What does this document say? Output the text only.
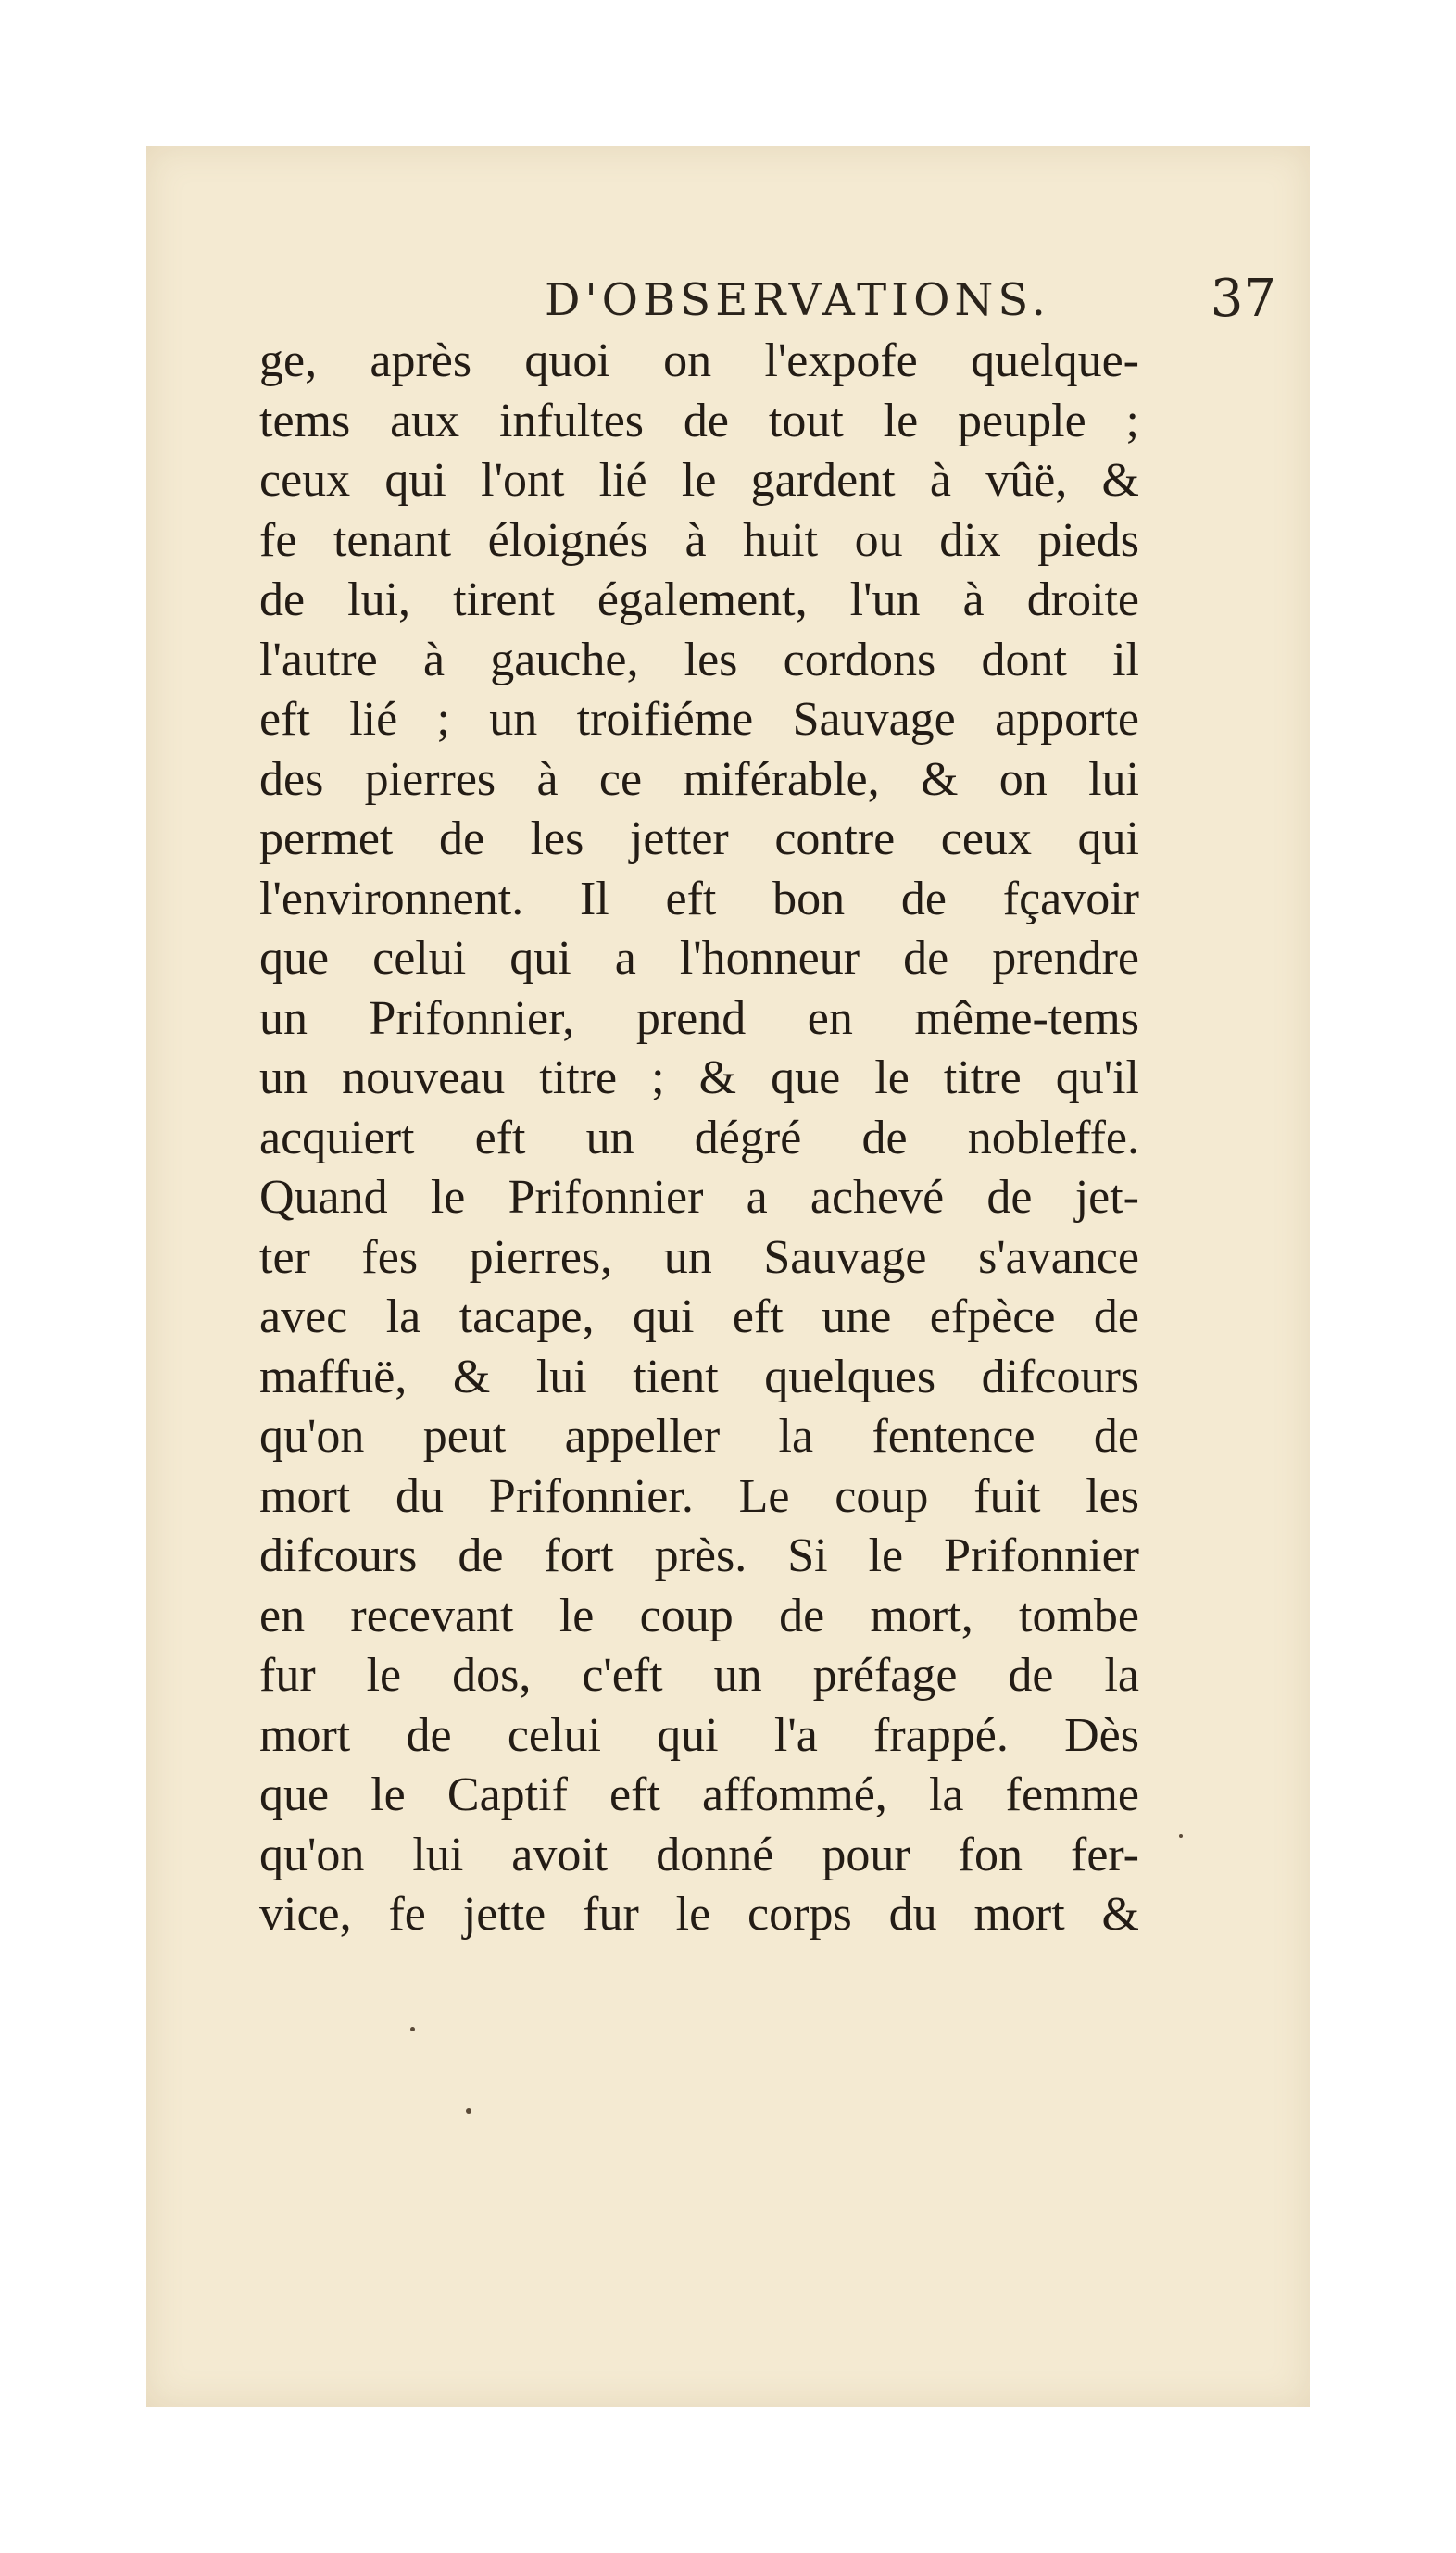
D'OBSERVATIONS.	37
ge, après quoi on l'expofe quelque-
tems aux infultes de tout le peuple ;
ceux qui l'ont lié le gardent à vûë, &
fe tenant éloignés à huit ou dix pieds
de lui, tirent également, l'un à droite
l'autre à gauche, les cordons dont il
eft lié ; un troifiéme Sauvage apporte
des pierres à ce miférable, & on lui
permet de les jetter contre ceux qui
l'environnent. Il eft bon de fçavoir
que celui qui a l'honneur de prendre
un Prifonnier, prend en même-tems
un nouveau titre ; & que le titre qu'il
acquiert eft un dégré de nobleffe.
Quand le Prifonnier a achevé de jet-
ter fes pierres, un Sauvage s'avance
avec la tacape, qui eft une efpèce de
maffuë, & lui tient quelques difcours
qu'on peut appeller la fentence de
mort du Prifonnier. Le coup fuit les
difcours de fort près. Si le Prifonnier
en recevant le coup de mort, tombe
fur le dos, c'eft un préfage de la
mort de celui qui l'a frappé. Dès
que le Captif eft affommé, la femme
qu'on lui avoit donné pour fon fer-
vice, fe jette fur le corps du mort &
